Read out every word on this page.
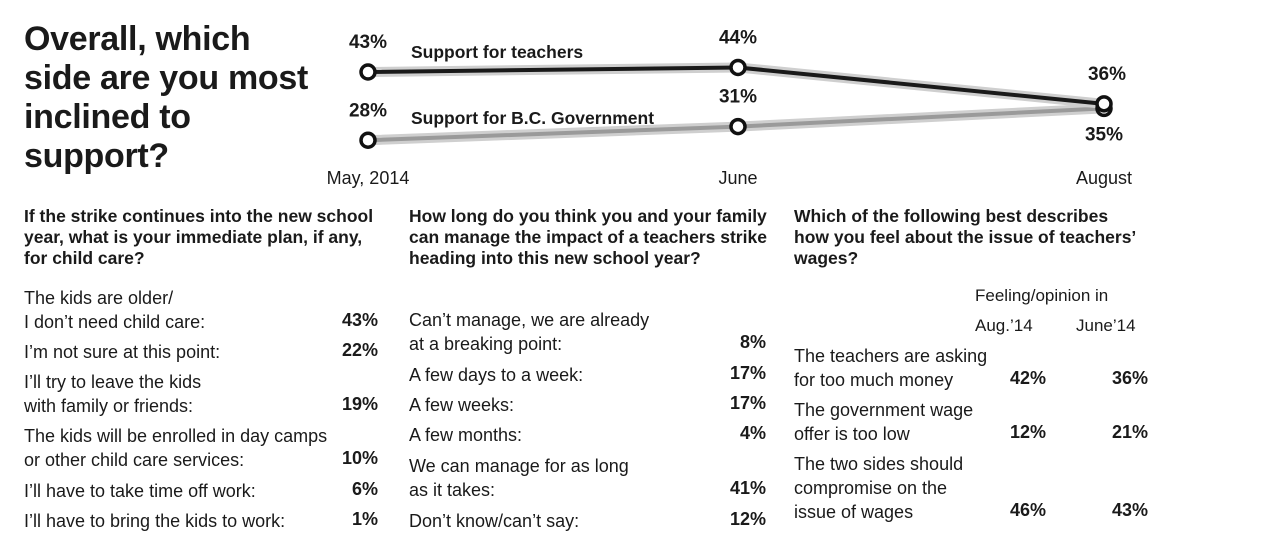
Overall, which side are you most inclined to support?
May, 2014	June	August
43%	44%
36%
28%
31%
35%
Support for teachers
Support for B.C. Government
If the strike continues into the new school year, what is your immediate plan, if any, for child care?
The kids are older/
I don’t need child care:	43%
I’m not sure at this point:	22%
I’ll try to leave the kids
with family or friends:	19%
The kids will be enrolled in day camps
or other child care services:	10%
I’ll have to take time off work:	6%
I’ll have to bring the kids to work:	1%
How long do you think you and your family can manage the impact of a teachers strike heading into this new school year?
Can’t manage, we are already
at a breaking point:	8%
A few days to a week:	17%
A few weeks:	17%
A few months:	4%
We can manage for as long
as it takes:	41%
Don’t know/can’t say:	12%
Which of the following best describes how you feel about the issue of teachers’ wages?
Feeling/opinion in
Aug.’14	June’14
The teachers are asking
for too much money	42%	36%
The government wage
offer is too low	12%	21%
The two sides should
compromise on the
issue of wages	46%	43%
